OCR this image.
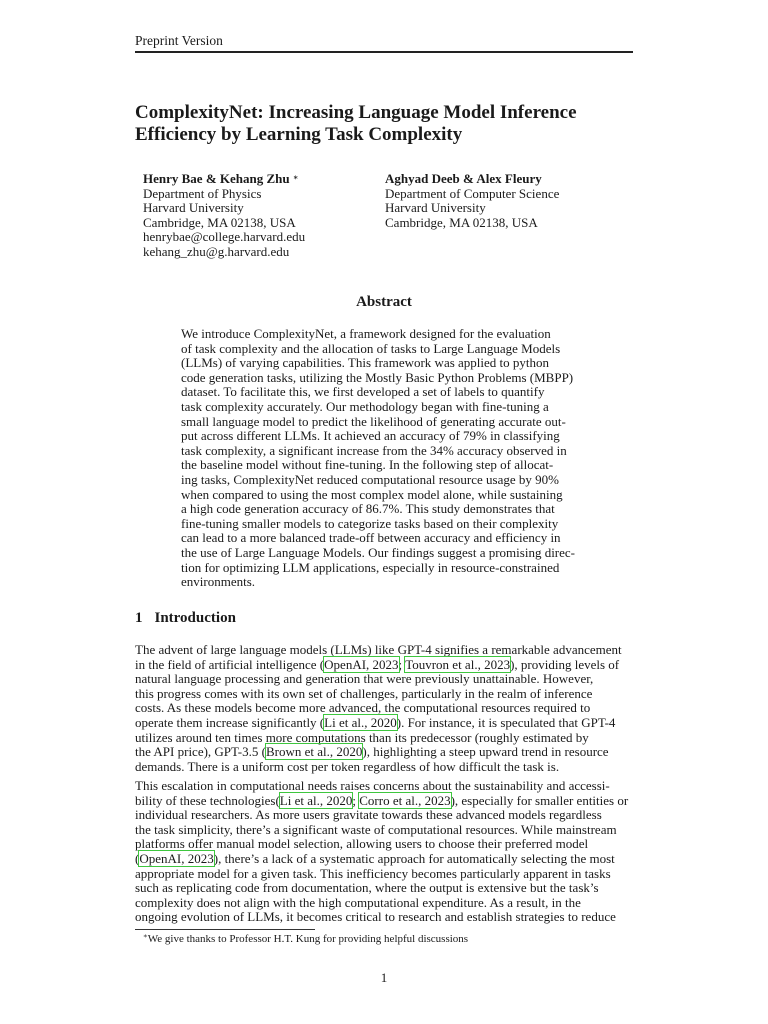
Preprint Version
ComplexityNet: Increasing Language Model Inference
Efficiency by Learning Task Complexity
Henry Bae & Kehang Zhu ∗
Department of Physics
Harvard University
Cambridge, MA 02138, USA
henrybae@college.harvard.edu
kehang_zhu@g.harvard.edu
Aghyad Deeb & Alex Fleury
Department of Computer Science
Harvard University
Cambridge, MA 02138, USA
Abstract
We introduce ComplexityNet, a framework designed for the evaluation
of task complexity and the allocation of tasks to Large Language Models
(LLMs) of varying capabilities. This framework was applied to python
code generation tasks, utilizing the Mostly Basic Python Problems (MBPP)
dataset. To facilitate this, we first developed a set of labels to quantify
task complexity accurately. Our methodology began with fine-tuning a
small language model to predict the likelihood of generating accurate out-
put across different LLMs. It achieved an accuracy of 79% in classifying
task complexity, a significant increase from the 34% accuracy observed in
the baseline model without fine-tuning. In the following step of allocat-
ing tasks, ComplexityNet reduced computational resource usage by 90%
when compared to using the most complex model alone, while sustaining
a high code generation accuracy of 86.7%. This study demonstrates that
fine-tuning smaller models to categorize tasks based on their complexity
can lead to a more balanced trade-off between accuracy and efficiency in
the use of Large Language Models. Our findings suggest a promising direc-
tion for optimizing LLM applications, especially in resource-constrained
environments.
1 Introduction
The advent of large language models (LLMs) like GPT-4 signifies a remarkable advancement
in the field of artificial intelligence (OpenAI, 2023; Touvron et al., 2023), providing levels of
natural language processing and generation that were previously unattainable. However,
this progress comes with its own set of challenges, particularly in the realm of inference
costs. As these models become more advanced, the computational resources required to
operate them increase significantly (Li et al., 2020). For instance, it is speculated that GPT-4
utilizes around ten times more computations than its predecessor (roughly estimated by
the API price), GPT-3.5 (Brown et al., 2020), highlighting a steep upward trend in resource
demands. There is a uniform cost per token regardless of how difficult the task is.
This escalation in computational needs raises concerns about the sustainability and accessi-
bility of these technologies(Li et al., 2020; Corro et al., 2023), especially for smaller entities or
individual researchers. As more users gravitate towards these advanced models regardless
the task simplicity, there’s a significant waste of computational resources. While mainstream
platforms offer manual model selection, allowing users to choose their preferred model
(OpenAI, 2023), there’s a lack of a systematic approach for automatically selecting the most
appropriate model for a given task. This inefficiency becomes particularly apparent in tasks
such as replicating code from documentation, where the output is extensive but the task’s
complexity does not align with the high computational expenditure. As a result, in the
ongoing evolution of LLMs, it becomes critical to research and establish strategies to reduce
∗We give thanks to Professor H.T. Kung for providing helpful discussions
1
